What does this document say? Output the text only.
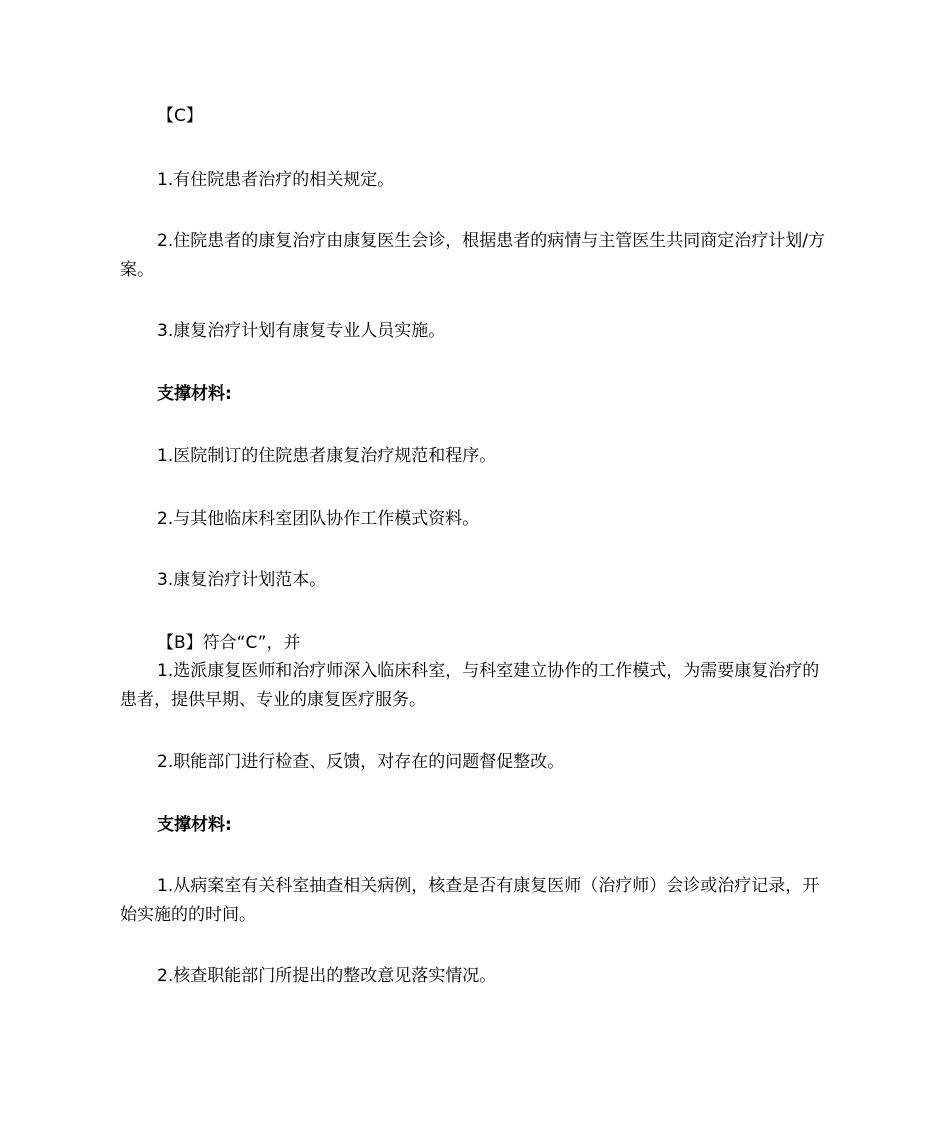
【C】
1.有住院患者治疗的相关规定。
2.住院患者的康复治疗由康复医生会诊，根据患者的病情与主管医生共同商定治疗计划/方案。
3.康复治疗计划有康复专业人员实施。
支撑材料:
1.医院制订的住院患者康复治疗规范和程序。
2.与其他临床科室团队协作工作模式资料。
3.康复治疗计划范本。
【B】符合“C”，并
1.选派康复医师和治疗师深入临床科室，与科室建立协作的工作模式，为需要康复治疗的患者，提供早期、专业的康复医疗服务。
2.职能部门进行检查、反馈，对存在的问题督促整改。
支撑材料:
1.从病案室有关科室抽查相关病例，核查是否有康复医师（治疗师）会诊或治疗记录，开始实施的的时间。
2.核查职能部门所提出的整改意见落实情况。
